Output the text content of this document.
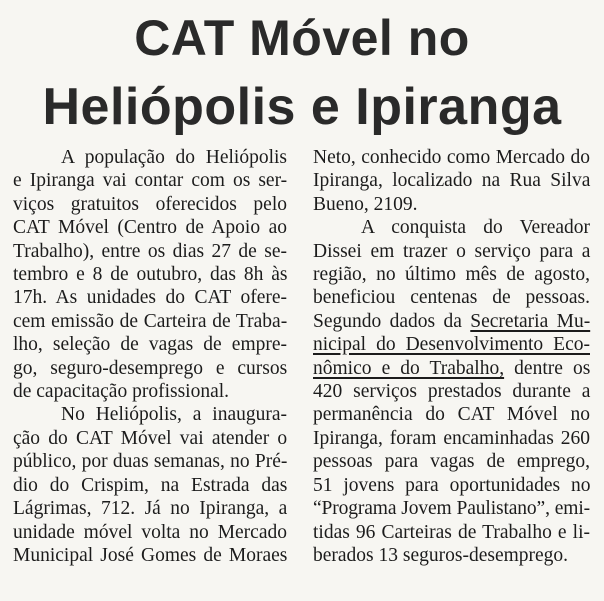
CAT Móvel no
Heliópolis e Ipiranga
A população do Heliópolis
e Ipiranga vai contar com os ser-
viços gratuitos oferecidos pelo
CAT Móvel (Centro de Apoio ao
Trabalho), entre os dias 27 de se-
tembro e 8 de outubro, das 8h às
17h. As unidades do CAT ofere-
cem emissão de Carteira de Traba-
lho, seleção de vagas de empre-
go, seguro-desemprego e cursos
de capacitação profissional.
No Heliópolis, a inaugura-
ção do CAT Móvel vai atender o
público, por duas semanas, no Pré-
dio do Crispim, na Estrada das
Lágrimas, 712. Já no Ipiranga, a
unidade móvel volta no Mercado
Municipal José Gomes de Moraes
Neto, conhecido como Mercado do
Ipiranga, localizado na Rua Silva
Bueno, 2109.
A conquista do Vereador
Dissei em trazer o serviço para a
região, no último mês de agosto,
beneficiou centenas de pessoas.
Segundo dados da Secretaria Mu-
nicipal do Desenvolvimento Eco-
nômico e do Trabalho, dentre os
420 serviços prestados durante a
permanência do CAT Móvel no
Ipiranga, foram encaminhadas 260
pessoas para vagas de emprego,
51 jovens para oportunidades no
“Programa Jovem Paulistano”, emi-
tidas 96 Carteiras de Trabalho e li-
berados 13 seguros-desemprego.
